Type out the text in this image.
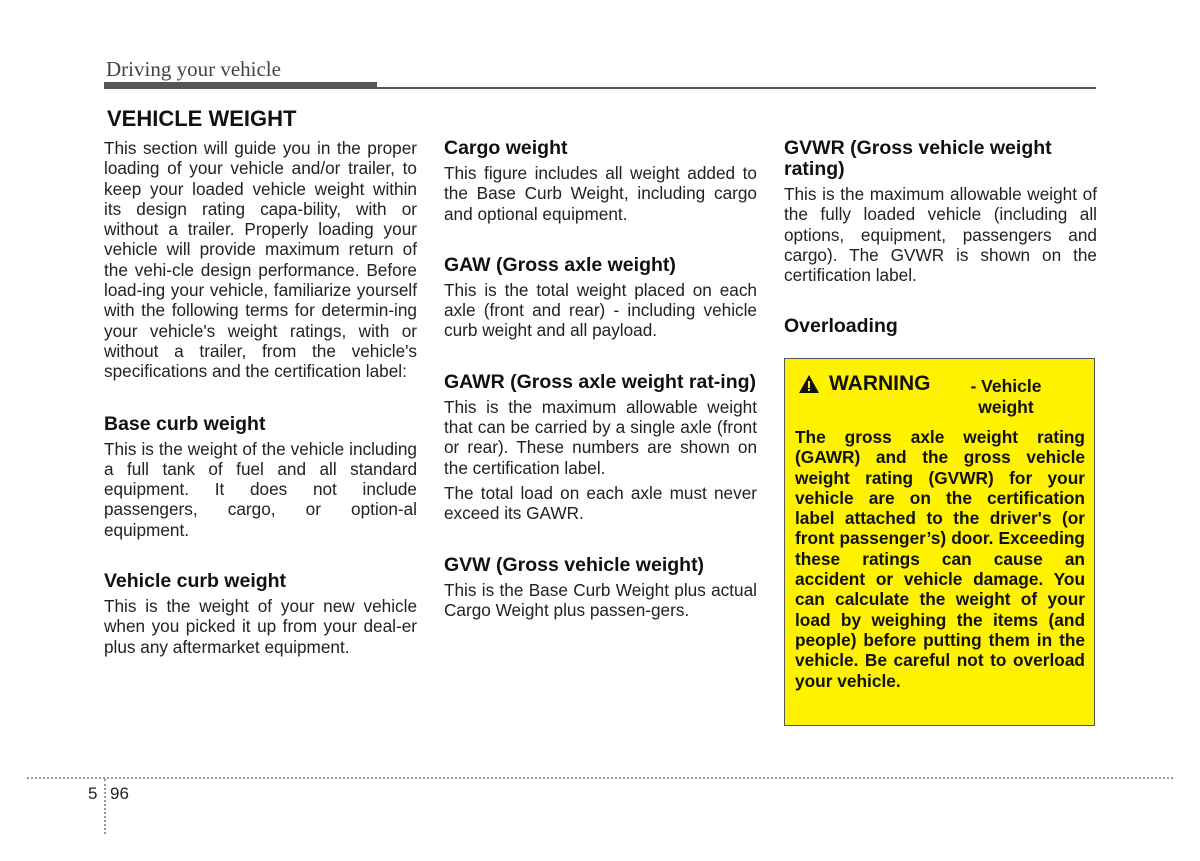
Driving your vehicle
VEHICLE WEIGHT

This section will guide you in the proper loading of your vehicle and/or trailer, to keep your loaded vehicle weight within its design rating capa-bility, with or without a trailer. Properly loading your vehicle will provide maximum return of the vehi-cle design performance. Before load-ing your vehicle, familiarize yourself with the following terms for determin-ing your vehicle's weight ratings, with or without a trailer, from the vehicle's specifications and the certification label:

Base curb weight

This is the weight of the vehicle including a full tank of fuel and all standard equipment. It does not include passengers, cargo, or option-al equipment.

Vehicle curb weight

This is the weight of your new vehicle when you picked it up from your deal-er plus any aftermarket equipment.

Cargo weight

This figure includes all weight added to the Base Curb Weight, including cargo and optional equipment.

GAW (Gross axle weight)

This is the total weight placed on each axle (front and rear) - including vehicle curb weight and all payload.

GAWR (Gross axle weight rat-ing)

This is the maximum allowable weight that can be carried by a single axle (front or rear). These numbers are shown on the certification label.

The total load on each axle must never exceed its GAWR.

GVW (Gross vehicle weight)

This is the Base Curb Weight plus actual Cargo Weight plus passen-gers.

GVWR (Gross vehicle weight rating)

This is the maximum allowable weight of the fully loaded vehicle (including all options, equipment, passengers and cargo). The GVWR is shown on the certification label.

Overloading
WARNING	- Vehicle weight

The gross axle weight rating (GAWR) and the gross vehicle weight rating (GVWR) for your vehicle are on the certification label attached to the driver's (or front passenger’s) door. Exceeding these ratings can cause an accident or vehicle damage. You can calculate the weight of your load by weighing the items (and people) before putting them in the vehicle. Be careful not to overload your vehicle.

5 96
